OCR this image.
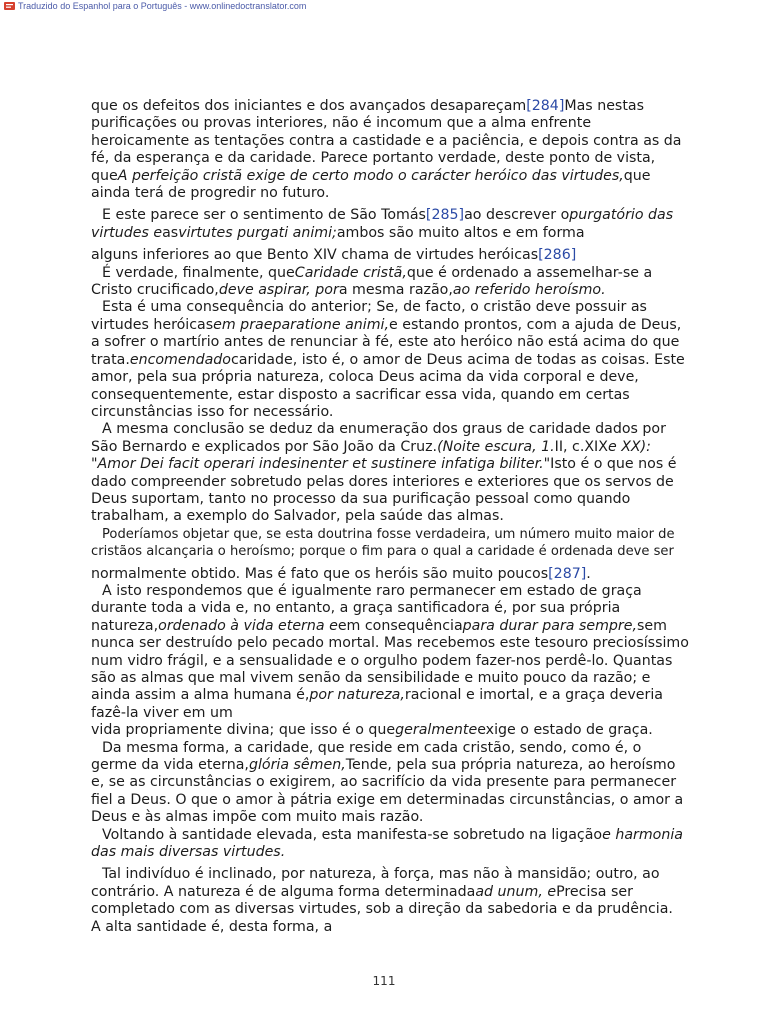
Traduzido do Espanhol para o Português - www.onlinedoctranslator.com

que os defeitos dos iniciantes e dos avançados desapareçam[284]Mas nestas purificações ou provas interiores, não é incomum que a alma enfrente heroicamente as tentações contra a castidade e a paciência, e depois contra as da fé, da esperança e da caridade. Parece portanto verdade, deste ponto de vista, queA perfeição cristã exige de certo modo o carácter heróico das virtudes,que ainda terá de progredir no futuro.

E este parece ser o sentimento de São Tomás[285]ao descrever opurgatório das virtudes easvirtutes purgati animi;ambos são muito altos e em forma

alguns inferiores ao que Bento XIV chama de virtudes heróicas[286]

É verdade, finalmente, queCaridade cristã,que é ordenado a assemelhar-se a Cristo crucificado,deve aspirar, pora mesma razão,ao referido heroísmo.

Esta é uma consequência do anterior; Se, de facto, o cristão deve possuir as virtudes heróicasem praeparatione animi,e estando prontos, com a ajuda de Deus, a sofrer o martírio antes de renunciar à fé, este ato heróico não está acima do que trata.encomendadocaridade, isto é, o amor de Deus acima de todas as coisas. Este amor, pela sua própria natureza, coloca Deus acima da vida corporal e deve, consequentemente, estar disposto a sacrificar essa vida, quando em certas circunstâncias isso for necessário.

A mesma conclusão se deduz da enumeração dos graus de caridade dados por São Bernardo e explicados por São João da Cruz.(Noite escura, 1.II, c.XIXe XX): "Amor Dei facit operari indesinenter et sustinere infatiga biliter."Isto é o que nos é dado compreender sobretudo pelas dores interiores e exteriores que os servos de Deus suportam, tanto no processo da sua purificação pessoal como quando trabalham, a exemplo do Salvador, pela saúde das almas.

Poderíamos objetar que, se esta doutrina fosse verdadeira, um número muito maior de cristãos alcançaria o heroísmo; porque o fim para o qual a caridade é ordenada deve ser

normalmente obtido. Mas é fato que os heróis são muito poucos[287].

A isto respondemos que é igualmente raro permanecer em estado de graça durante toda a vida e, no entanto, a graça santificadora é, por sua própria natureza,ordenado à vida eterna eem consequênciapara durar para sempre,sem nunca ser destruído pelo pecado mortal. Mas recebemos este tesouro preciosíssimo num vidro frágil, e a sensualidade e o orgulho podem fazer-nos perdê-lo. Quantas são as almas que mal vivem senão da sensibilidade e muito pouco da razão; e ainda assim a alma humana é,por natureza,racional e imortal, e a graça deveria fazê-la viver em um

vida propriamente divina; que isso é o quegeralmenteexige o estado de graça.

Da mesma forma, a caridade, que reside em cada cristão, sendo, como é, o germe da vida eterna,glória sêmen,Tende, pela sua própria natureza, ao heroísmo e, se as circunstâncias o exigirem, ao sacrifício da vida presente para permanecer fiel a Deus. O que o amor à pátria exige em determinadas circunstâncias, o amor a Deus e às almas impõe com muito mais razão.

Voltando à santidade elevada, esta manifesta-se sobretudo na ligaçãoe harmonia das mais diversas virtudes.

Tal indivíduo é inclinado, por natureza, à força, mas não à mansidão; outro, ao contrário. A natureza é de alguma forma determinadaad unum, ePrecisa ser completado com as diversas virtudes, sob a direção da sabedoria e da prudência.

A alta santidade é, desta forma, a

111
